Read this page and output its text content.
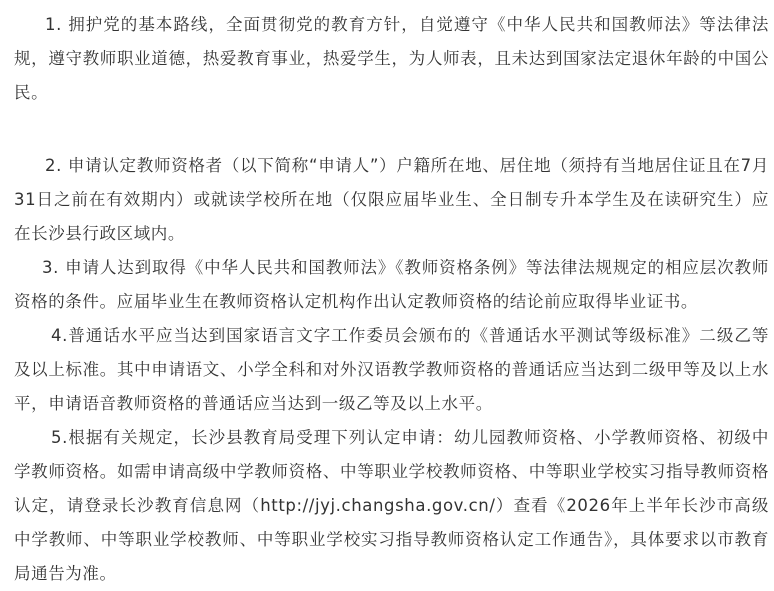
1. 拥护党的基本路线，全面贯彻党的教育方针，自觉遵守《中华人民共和国教师法》等法律法规，遵守教师职业道德，热爱教育事业，热爱学生，为人师表，且未达到国家法定退休年龄的中国公民。

2. 申请认定教师资格者（以下简称“申请人”）户籍所在地、居住地（须持有当地居住证且在7月31日之前在有效期内）或就读学校所在地（仅限应届毕业生、全日制专升本学生及在读研究生）应在长沙县行政区域内。

3. 申请人达到取得《中华人民共和国教师法》《教师资格条例》等法律法规规定的相应层次教师资格的条件。应届毕业生在教师资格认定机构作出认定教师资格的结论前应取得毕业证书。

4.普通话水平应当达到国家语言文字工作委员会颁布的《普通话水平测试等级标准》二级乙等及以上标准。其中申请语文、小学全科和对外汉语教学教师资格的普通话应当达到二级甲等及以上水平，申请语音教师资格的普通话应当达到一级乙等及以上水平。

5.根据有关规定，长沙县教育局受理下列认定申请：幼儿园教师资格、小学教师资格、初级中学教师资格。如需申请高级中学教师资格、中等职业学校教师资格、中等职业学校实习指导教师资格认定，请登录长沙教育信息网（http://jyj.changsha.gov.cn/）查看《2026年上半年长沙市高级中学教师、中等职业学校教师、中等职业学校实习指导教师资格认定工作通告》，具体要求以市教育局通告为准。
